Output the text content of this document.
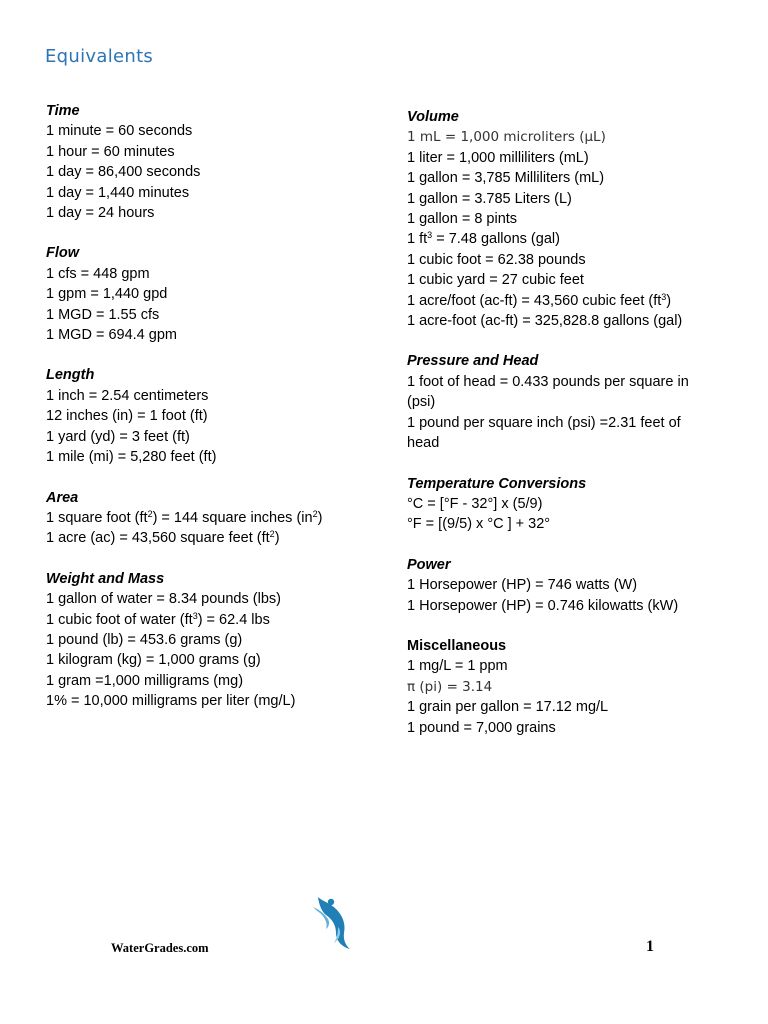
Equivalents

Time

1 minute = 60 seconds

1 hour = 60 minutes

1 day = 86,400 seconds

1 day = 1,440 minutes

1 day = 24 hours

Flow

1 cfs = 448 gpm

1 gpm = 1,440 gpd

1 MGD = 1.55 cfs

1 MGD = 694.4 gpm

Length

1 inch = 2.54 centimeters

12 inches (in) = 1 foot (ft)

1 yard (yd) = 3 feet (ft)

1 mile (mi) = 5,280 feet (ft)

Area

1 square foot $(ft^2) = 144$ square inches $(in^2)$

1 acre (ac) = 43,560 square feet $(ft^2)$

Weight and Mass

1 gallon of water = 8.34 pounds (lbs)

1 cubic foot of water $(ft^3) = 62.4$ lbs

1 pound (lb) = 453.6 grams (g)

1 kilogram (kg) = 1,000 grams (g)

1 gram =1,000 milligrams (mg)

1% = 10,000 milligrams per liter (mg/L)

Volume

1 mL = 1,000 microliters (µL)

1 liter = 1,000 milliliters (mL)

1 gallon = 3,785 Milliliters (mL)

1 gallon = 3.785 Liters (L)

1 gallon = 8 pints

1 $ft^3 = 7.48$ gallons (gal)

1 cubic foot = 62.38 pounds

1 cubic yard = 27 cubic feet

1 acre/foot (ac-ft) = 43,560 cubic feet $(ft^3)$

1 acre-foot (ac-ft) = 325,828.8 gallons (gal)

Pressure and Head

1 foot of head = 0.433 pounds per square in (psi)

1 pound per square inch (psi) =2.31 feet of head

Temperature Conversions

°C = [°F - 32°] x (5/9)

°F = [(9/5) x °C ] + 32°

Power

1 Horsepower (HP) = 746 watts (W)

1 Horsepower (HP) = 0.746 kilowatts (kW)

Miscellaneous

1 mg/L = 1 ppm

π (pi) = 3.14

1 grain per gallon = 17.12 mg/L

1 pound = 7,000 grains

WaterGrades.com	1
